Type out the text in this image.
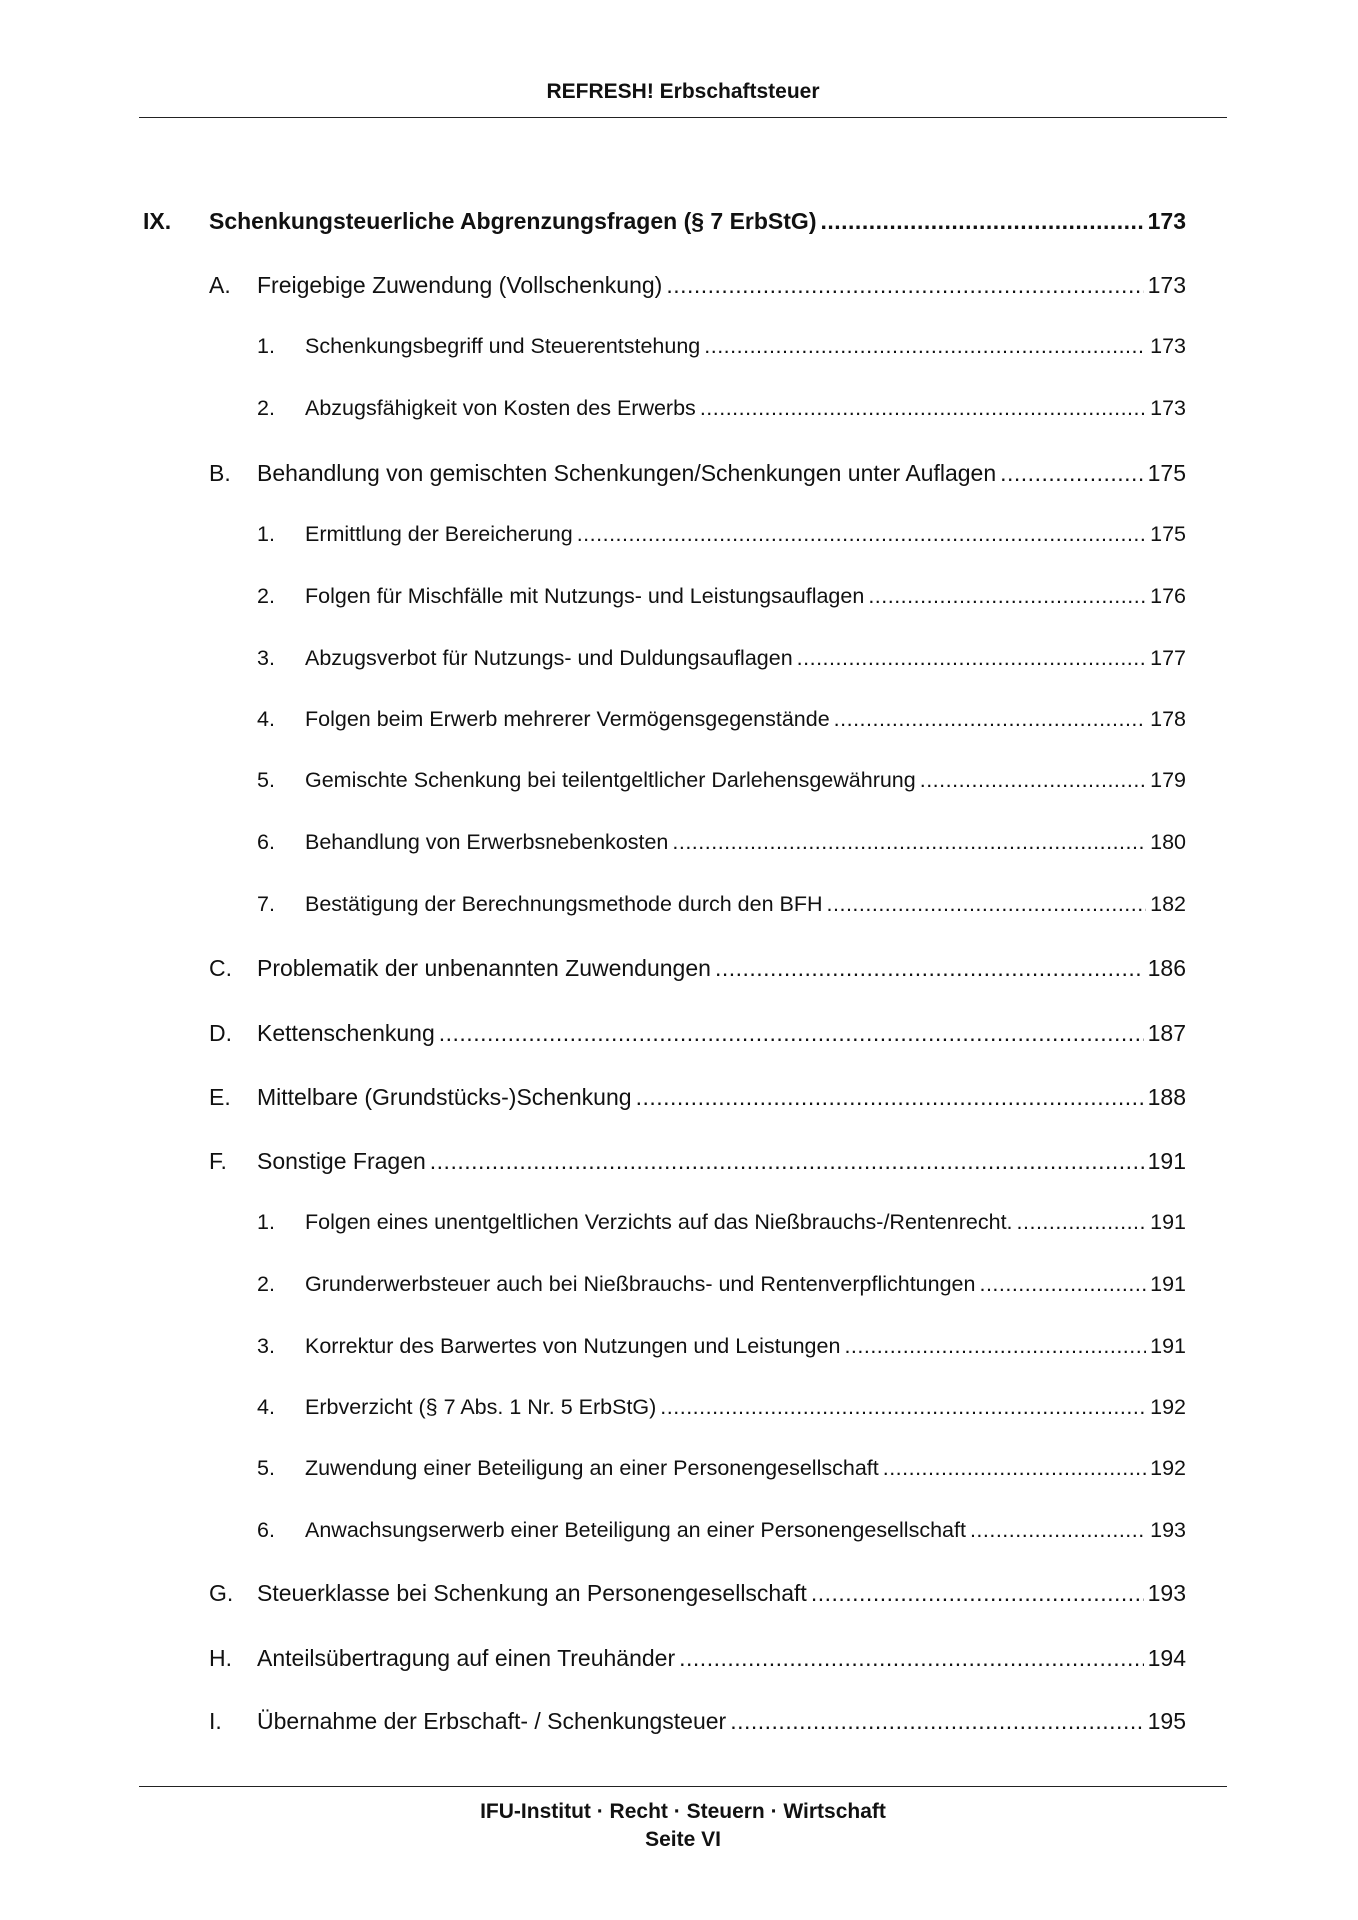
REFRESH! Erbschaftsteuer
IX.	Schenkungsteuerliche Abgrenzungsfragen (§ 7 ErbStG) .....	173
A.	Freigebige Zuwendung (Vollschenkung) .....	173
1.	Schenkungsbegriff und Steuerentstehung .....	173
2.	Abzugsfähigkeit von Kosten des Erwerbs .....	173
B.	Behandlung von gemischten Schenkungen/Schenkungen unter Auflagen .....	175
1.	Ermittlung der Bereicherung .....	175
2.	Folgen für Mischfälle mit Nutzungs- und Leistungsauflagen .....	176
3.	Abzugsverbot für Nutzungs- und Duldungsauflagen .....	177
4.	Folgen beim Erwerb mehrerer Vermögensgegenstände .....	178
5.	Gemischte Schenkung bei teilentgeltlicher Darlehensgewährung .....	179
6.	Behandlung von Erwerbsnebenkosten .....	180
7.	Bestätigung der Berechnungsmethode durch den BFH .....	182
C.	Problematik der unbenannten Zuwendungen .....	186
D.	Kettenschenkung .....	187
E.	Mittelbare (Grundstücks-)Schenkung .....	188
F.	Sonstige Fragen .....	191
1.	Folgen eines unentgeltlichen Verzichts auf das Nießbrauchs-/Rentenrecht. .....	191
2.	Grunderwerbsteuer auch bei Nießbrauchs- und Rentenverpflichtungen .....	191
3.	Korrektur des Barwertes von Nutzungen und Leistungen .....	191
4.	Erbverzicht (§ 7 Abs. 1 Nr. 5 ErbStG) .....	192
5.	Zuwendung einer Beteiligung an einer Personengesellschaft .....	192
6.	Anwachsungserwerb einer Beteiligung an einer Personengesellschaft .....	193
G.	Steuerklasse bei Schenkung an Personengesellschaft .....	193
H.	Anteilsübertragung auf einen Treuhänder .....	194
I.	Übernahme der Erbschaft- / Schenkungsteuer .....	195
IFU-Institut · Recht · Steuern · Wirtschaft
Seite VI
